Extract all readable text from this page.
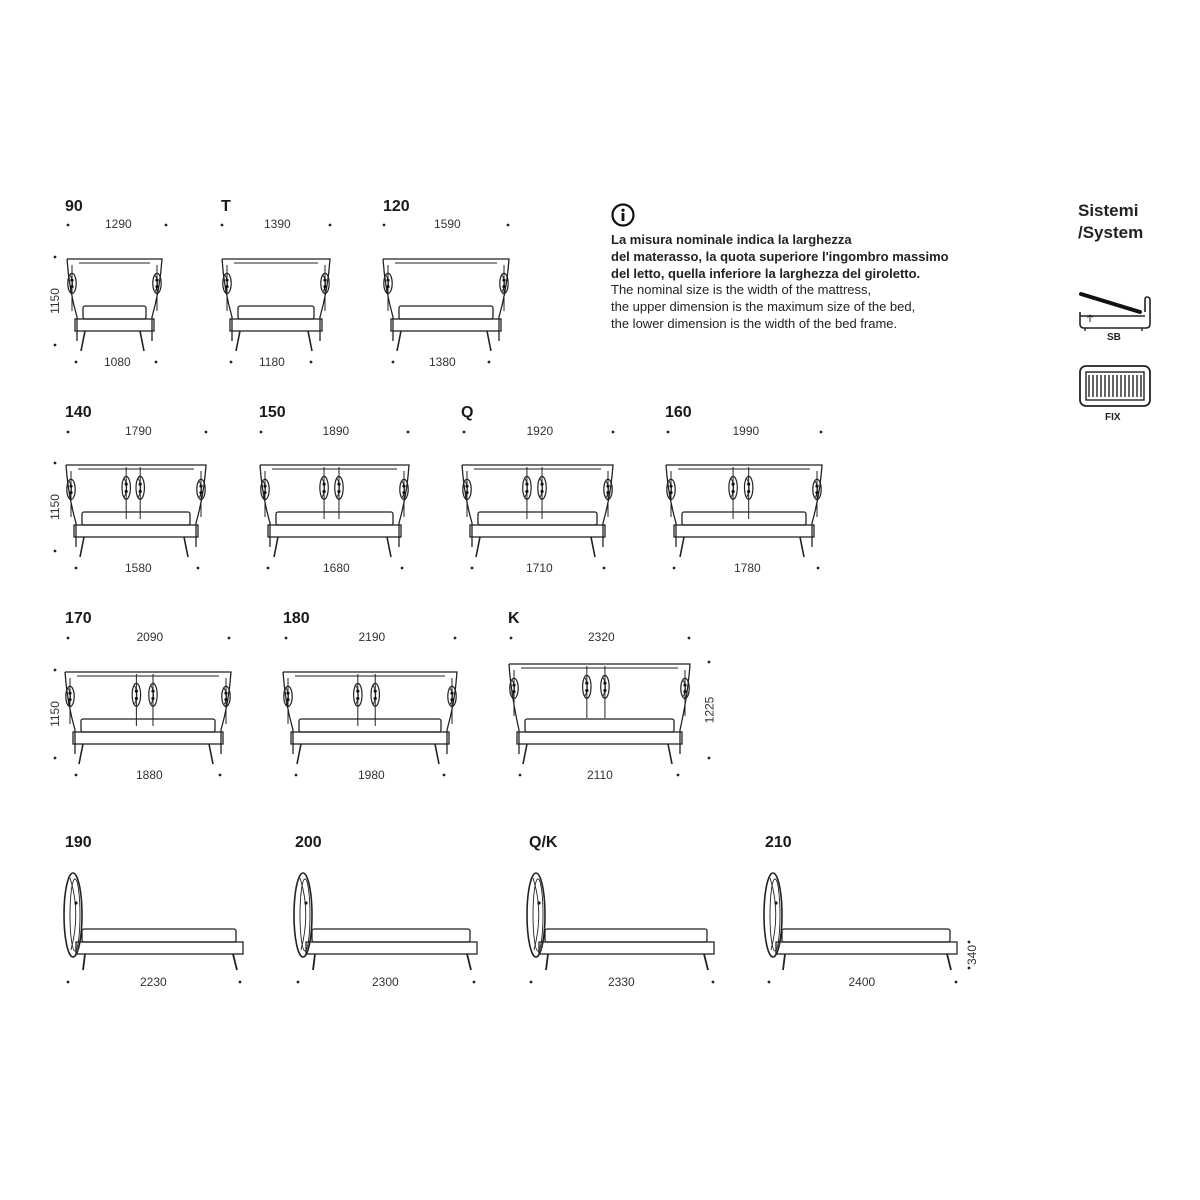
La misura nominale indica la larghezza
del materasso, la quota superiore l'ingombro massimo
del letto, quella inferiore la larghezza del giroletto.
The nominal size is the width of the mattress,
the upper dimension is the maximum size of the bed,
the lower dimension is the width of the bed frame.
Sistemi
/System
SB
FIX
90
1290
1080
1150
T
1390
1180
120
1590
1380
140
1790
1580
1150
150
1890
1680
Q
1920
1710
160
1990
1780
170
2090
1880
1150
180
2190
1980
K
2320
2110
1225
190
2230
200
2300
Q/K
2330
210
2400
340
